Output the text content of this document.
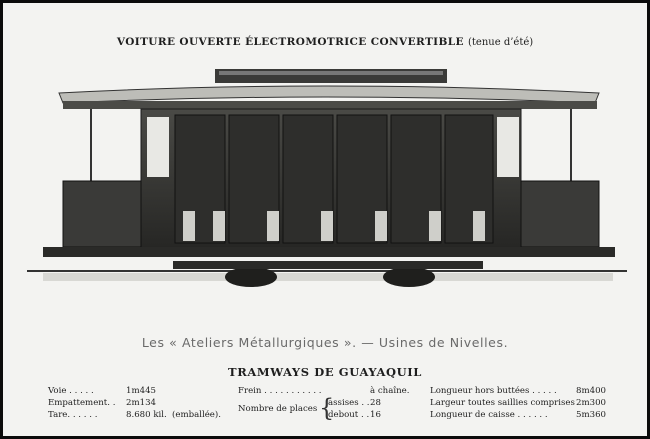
VOITURE OUVERTE ÉLECTROMOTRICE CONVERTIBLE (tenue d’été)
Les « Ateliers Métallurgiques ». — Usines de Nivelles.
TRAMWAYS DE GUAYAQUIL
Voie . . . . .	1m445
Empattement. . 2m134
Tare. . . . . .	8.680 kil. (emballée).
Frein . . . . . . . . . . .	à chaîne.
Nombre de places {
assises . . 28
debout . . 16
Longueur hors buttées . . . . . 8m400
Largeur toutes saillies comprises 2m300
Longueur de caisse . . . . . .	5m360
